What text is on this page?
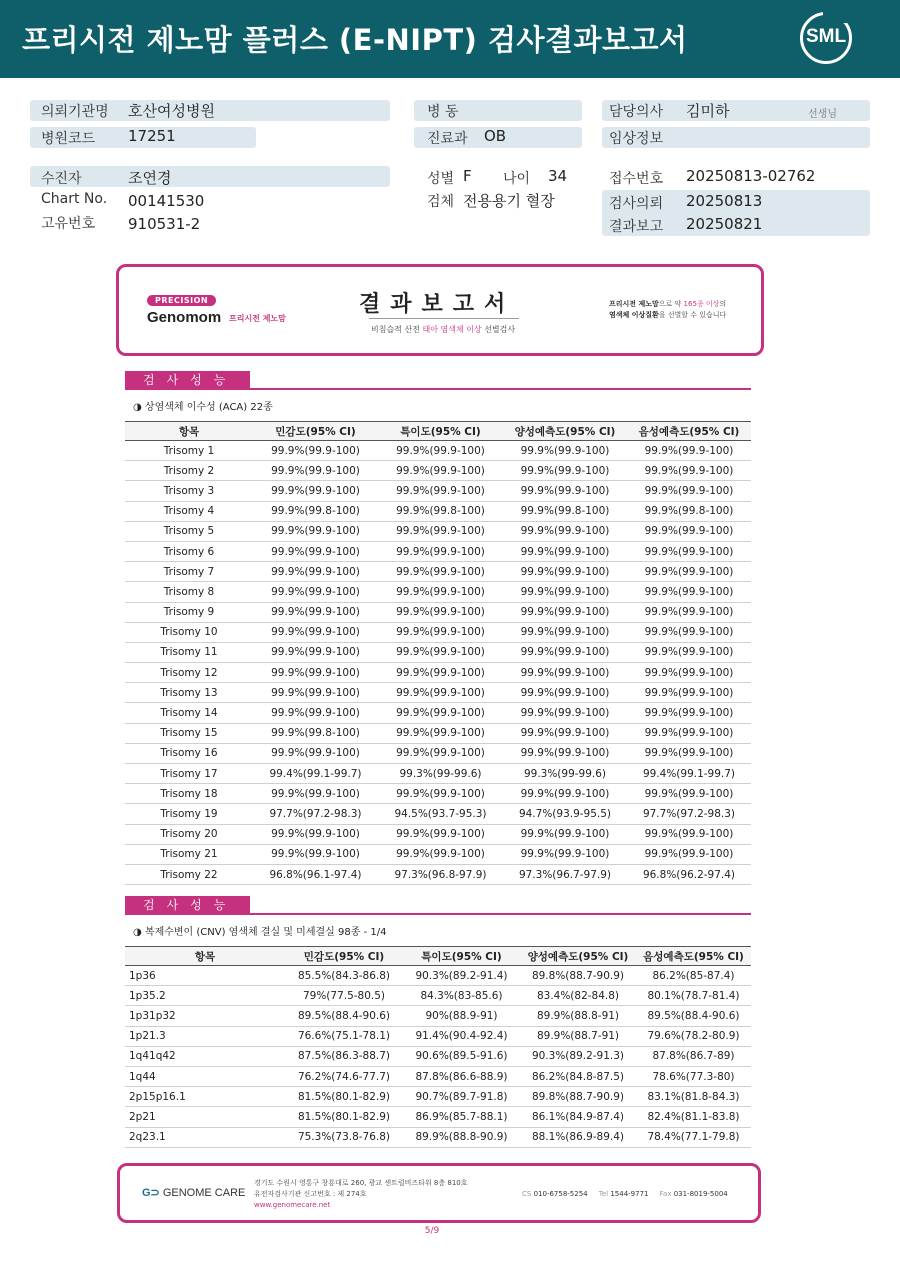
프리시전 제노맘 플러스 (E-NIPT) 검사결과보고서	SML
의뢰기관명 호산여성병원
병원코드 17251
병 동
진료과 OB
담당의사 김미하	선생님
임상정보
수진자	조연경
Chart No. 00141530
고유번호 910531-2
성별 F 나이 34
검체 전용용기 혈장
접수번호 20250813-02762
검사의뢰 20250813
결과보고 20250821
PRECISION
Genomom 프리시전 제노맘
결과보고서
비침습적 산전 태아 염색체 이상 선별검사
프리시전 제노맘으로 약 165종 이상의
염색체 이상질환을 선별할 수 있습니다
검사성능
◑ 상염색체 이수성 (ACA) 22종
항목	민감도(95% CI)	특이도(95% CI)	양성예측도(95% CI)	음성예측도(95% CI)
Trisomy 1	99.9%(99.9-100)	99.9%(99.9-100)	99.9%(99.9-100)	99.9%(99.9-100)
Trisomy 2	99.9%(99.9-100)	99.9%(99.9-100)	99.9%(99.9-100)	99.9%(99.9-100)
Trisomy 3	99.9%(99.9-100)	99.9%(99.9-100)	99.9%(99.9-100)	99.9%(99.9-100)
Trisomy 4	99.9%(99.8-100)	99.9%(99.8-100)	99.9%(99.8-100)	99.9%(99.8-100)
Trisomy 5	99.9%(99.9-100)	99.9%(99.9-100)	99.9%(99.9-100)	99.9%(99.9-100)
Trisomy 6	99.9%(99.9-100)	99.9%(99.9-100)	99.9%(99.9-100)	99.9%(99.9-100)
Trisomy 7	99.9%(99.9-100)	99.9%(99.9-100)	99.9%(99.9-100)	99.9%(99.9-100)
Trisomy 8	99.9%(99.9-100)	99.9%(99.9-100)	99.9%(99.9-100)	99.9%(99.9-100)
Trisomy 9	99.9%(99.9-100)	99.9%(99.9-100)	99.9%(99.9-100)	99.9%(99.9-100)
Trisomy 10	99.9%(99.9-100)	99.9%(99.9-100)	99.9%(99.9-100)	99.9%(99.9-100)
Trisomy 11	99.9%(99.9-100)	99.9%(99.9-100)	99.9%(99.9-100)	99.9%(99.9-100)
Trisomy 12	99.9%(99.9-100)	99.9%(99.9-100)	99.9%(99.9-100)	99.9%(99.9-100)
Trisomy 13	99.9%(99.9-100)	99.9%(99.9-100)	99.9%(99.9-100)	99.9%(99.9-100)
Trisomy 14	99.9%(99.9-100)	99.9%(99.9-100)	99.9%(99.9-100)	99.9%(99.9-100)
Trisomy 15	99.9%(99.8-100)	99.9%(99.9-100)	99.9%(99.9-100)	99.9%(99.9-100)
Trisomy 16	99.9%(99.9-100)	99.9%(99.9-100)	99.9%(99.9-100)	99.9%(99.9-100)
Trisomy 17	99.4%(99.1-99.7)	99.3%(99-99.6)	99.3%(99-99.6)	99.4%(99.1-99.7)
Trisomy 18	99.9%(99.9-100)	99.9%(99.9-100)	99.9%(99.9-100)	99.9%(99.9-100)
Trisomy 19	97.7%(97.2-98.3)	94.5%(93.7-95.3)	94.7%(93.9-95.5)	97.7%(97.2-98.3)
Trisomy 20	99.9%(99.9-100)	99.9%(99.9-100)	99.9%(99.9-100)	99.9%(99.9-100)
Trisomy 21	99.9%(99.9-100)	99.9%(99.9-100)	99.9%(99.9-100)	99.9%(99.9-100)
Trisomy 22	96.8%(96.1-97.4)	97.3%(96.8-97.9)	97.3%(96.7-97.9)	96.8%(96.2-97.4)
검사성능
◑ 복제수변이 (CNV) 염색체 결실 및 미세결실 98종 - 1/4
항목	민감도(95% CI)	특이도(95% CI)	양성예측도(95% CI)	음성예측도(95% CI)
1p36	85.5%(84.3-86.8)	90.3%(89.2-91.4)	89.8%(88.7-90.9)	86.2%(85-87.4)
1p35.2	79%(77.5-80.5)	84.3%(83-85.6)	83.4%(82-84.8)	80.1%(78.7-81.4)
1p31p32	89.5%(88.4-90.6)	90%(88.9-91)	89.9%(88.8-91)	89.5%(88.4-90.6)
1p21.3	76.6%(75.1-78.1)	91.4%(90.4-92.4)	89.9%(88.7-91)	79.6%(78.2-80.9)
1q41q42	87.5%(86.3-88.7)	90.6%(89.5-91.6)	90.3%(89.2-91.3)	87.8%(86.7-89)
1q44	76.2%(74.6-77.7)	87.8%(86.6-88.9)	86.2%(84.8-87.5)	78.6%(77.3-80)
2p15p16.1	81.5%(80.1-82.9)	90.7%(89.7-91.8)	89.8%(88.7-90.9)	83.1%(81.8-84.3)
2p21	81.5%(80.1-82.9)	86.9%(85.7-88.1)	86.1%(84.9-87.4)	82.4%(81.1-83.8)
2q23.1	75.3%(73.8-76.8)	89.9%(88.8-90.9)	88.1%(86.9-89.4)	78.4%(77.1-79.8)
G⊃ GENOME CARE
경기도 수원시 영통구 창룡대로 260, 광교 센트럴비즈타워 8층 810호
유전자검사기관 신고번호 : 제 274호
www.genomecare.net
CS 010-6758-5254 Tel 1544-9771 Fax 031-8019-5004
5/9
